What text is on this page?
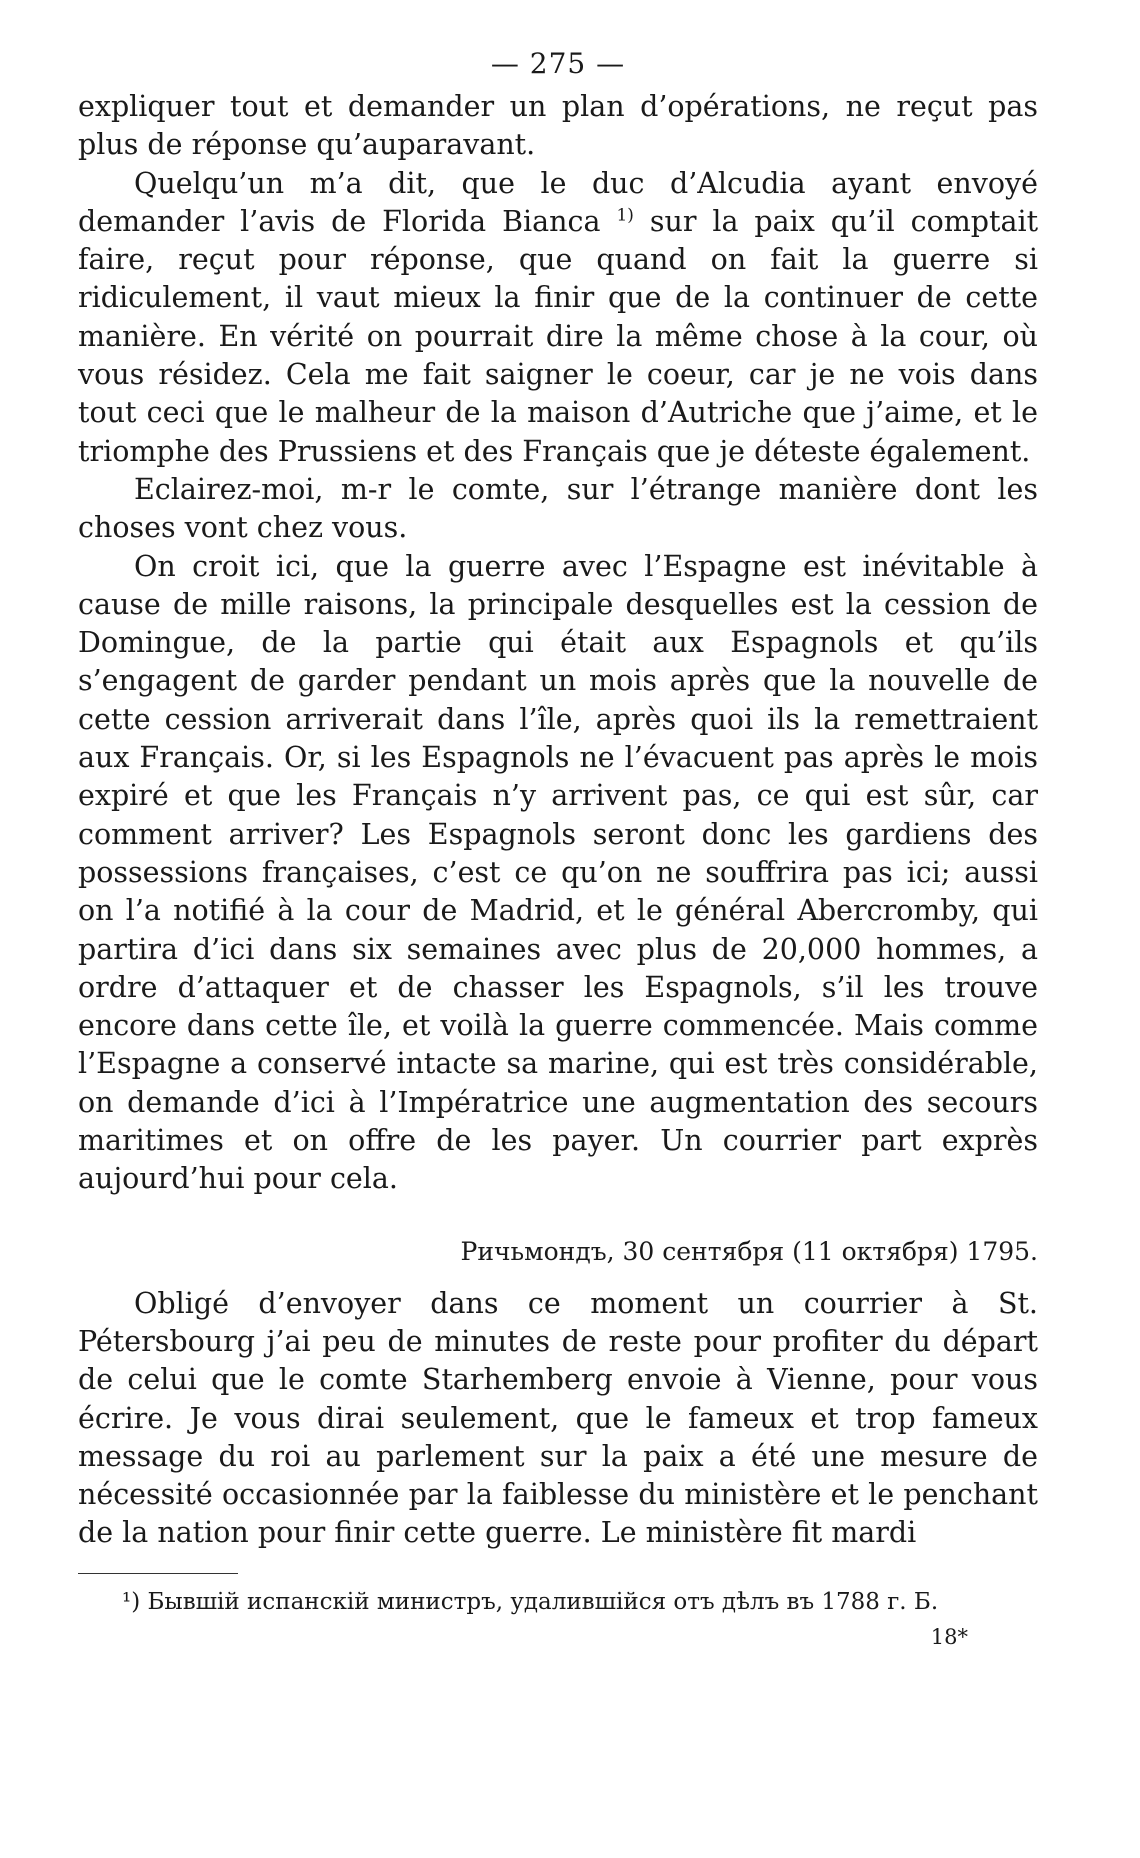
— 275 —

expliquer tout et demander un plan d’opérations, ne reçut pas plus de réponse qu’auparavant.

Quelqu’un m’a dit, que le duc d’Alcudia ayant envoyé demander l’avis de Florida Bianca $^{1)}$ sur la paix qu’il comptait faire, reçut pour réponse, que quand on fait la guerre si ridiculement, il vaut mieux la finir que de la continuer de cette manière. En vérité on pourrait dire la même chose à la cour, où vous résidez. Cela me fait saigner le coeur, car je ne vois dans tout ceci que le malheur de la maison d’Autriche que j’aime, et le triomphe des Prussiens et des Français que je déteste également.

Eclairez-moi, m-r le comte, sur l’étrange manière dont les choses vont chez vous.

On croit ici, que la guerre avec l’Espagne est inévitable à cause de mille raisons, la principale desquelles est la cession de Domingue, de la partie qui était aux Espagnols et qu’ils s’engagent de garder pendant un mois après que la nouvelle de cette cession arriverait dans l’île, après quoi ils la remettraient aux Français. Or, si les Espagnols ne l’évacuent pas après le mois expiré et que les Français n’y arrivent pas, ce qui est sûr, car comment arriver? Les Espagnols seront donc les gardiens des possessions françaises, c’est ce qu’on ne souffrira pas ici; aussi on l’a notifié à la cour de Madrid, et le général Abercromby, qui partira d’ici dans six semaines avec plus de 20,000 hommes, a ordre d’attaquer et de chasser les Espagnols, s’il les trouve encore dans cette île, et voilà la guerre commencée. Mais comme l’Espagne a conservé intacte sa marine, qui est très considérable, on demande d’ici à l’Impératrice une augmentation des secours maritimes et on offre de les payer. Un courrier part exprès aujourd’hui pour cela.

Ричьмондъ, 30 сентября (11 октября) 1795.

Obligé d’envoyer dans ce moment un courrier à St. Pétersbourg j’ai peu de minutes de reste pour profiter du départ de celui que le comte Starhemberg envoie à Vienne, pour vous écrire. Je vous dirai seulement, que le fameux et trop fameux message du roi au parlement sur la paix a été une mesure de nécessité occasionnée par la faiblesse du ministère et le penchant de la nation pour finir cette guerre. Le ministère fit mardi

¹) Бывшій испанскій министръ, удалившійся отъ дѣлъ въ 1788 г. Б.
18*
